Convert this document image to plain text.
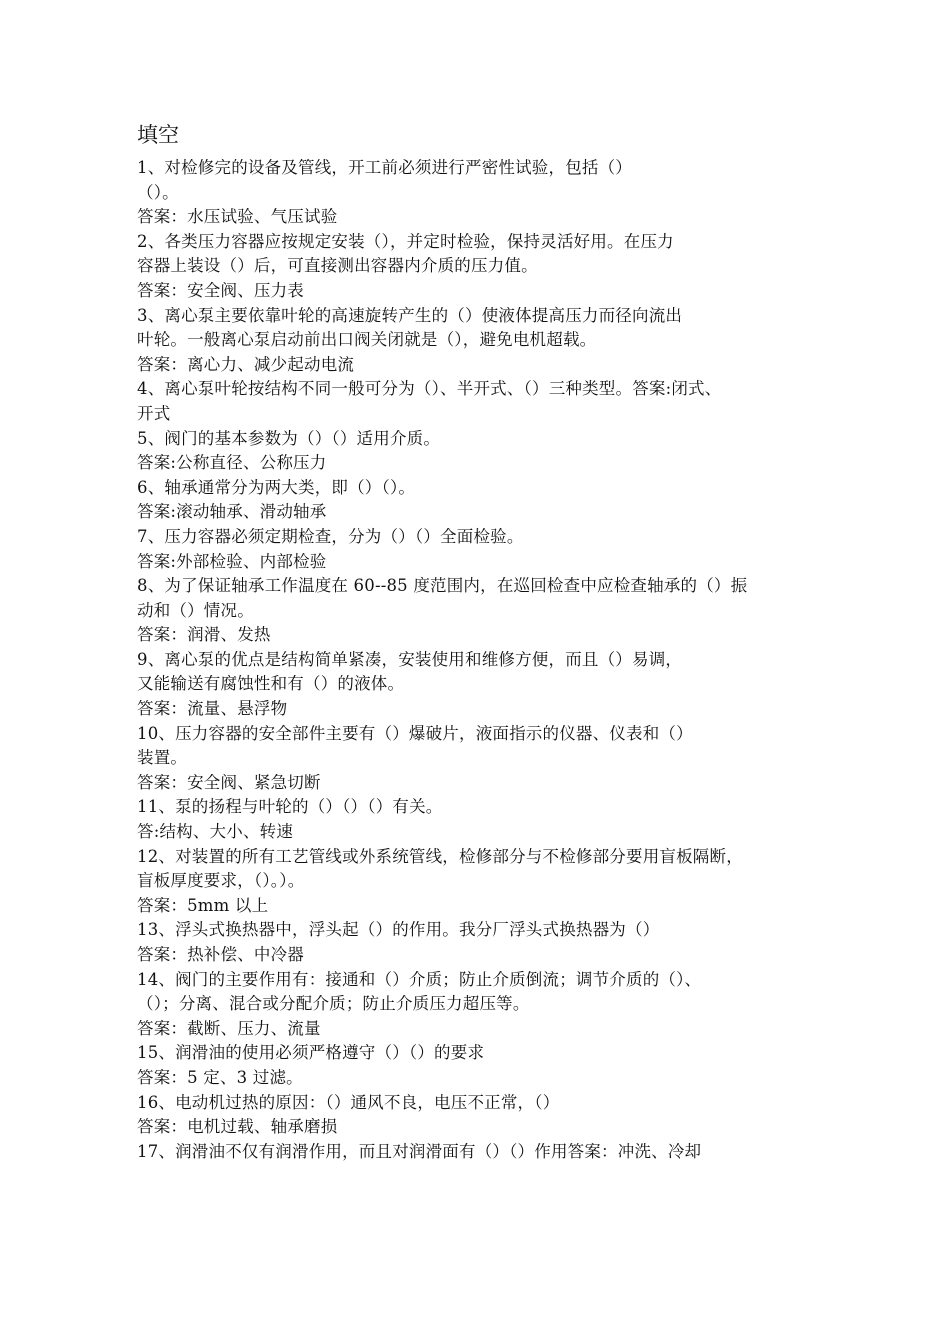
填空
1、对检修完的设备及管线，开工前必须进行严密性试验，包括（）
（）。
答案：水压试验、气压试验
2、各类压力容器应按规定安装（），并定时检验，保持灵活好用。在压力
容器上装设（）后，可直接测出容器内介质的压力值。
答案：安全阀、压力表
3、离心泵主要依靠叶轮的高速旋转产生的（）使液体提高压力而径向流出
叶轮。一般离心泵启动前出口阀关闭就是（），避免电机超载。
答案：离心力、减少起动电流
4、离心泵叶轮按结构不同一般可分为（）、半开式、（）三种类型。答案:闭式、
开式
5、阀门的基本参数为（）（）适用介质。
答案:公称直径、公称压力
6、轴承通常分为两大类，即（）（）。
答案:滚动轴承、滑动轴承
7、压力容器必须定期检查，分为（）（）全面检验。
答案:外部检验、内部检验
8、为了保证轴承工作温度在 60--85 度范围内，在巡回检查中应检查轴承的（）振
动和（）情况。
答案：润滑、发热
9、离心泵的优点是结构简单紧凑，安装使用和维修方便，而且（）易调，
又能输送有腐蚀性和有（）的液体。
答案：流量、悬浮物
10、压力容器的安全部件主要有（）爆破片，液面指示的仪器、仪表和（）
装置。
答案：安全阀、紧急切断
11、泵的扬程与叶轮的（）（）（）有关。
答:结构、大小、转速
12、对装置的所有工艺管线或外系统管线，检修部分与不检修部分要用盲板隔断，
盲板厚度要求，（）。）。
答案：5mm 以上
13、浮头式换热器中，浮头起（）的作用。我分厂浮头式换热器为（）
答案：热补偿、中冷器
14、阀门的主要作用有：接通和（）介质；防止介质倒流；调节介质的（）、
（）；分离、混合或分配介质；防止介质压力超压等。
答案：截断、压力、流量
15、润滑油的使用必须严格遵守（）（）的要求
答案：5 定、3 过滤。
16、电动机过热的原因：（）通风不良，电压不正常，（）
答案：电机过载、轴承磨损
17、润滑油不仅有润滑作用，而且对润滑面有（）（）作用答案：冲洗、冷却
